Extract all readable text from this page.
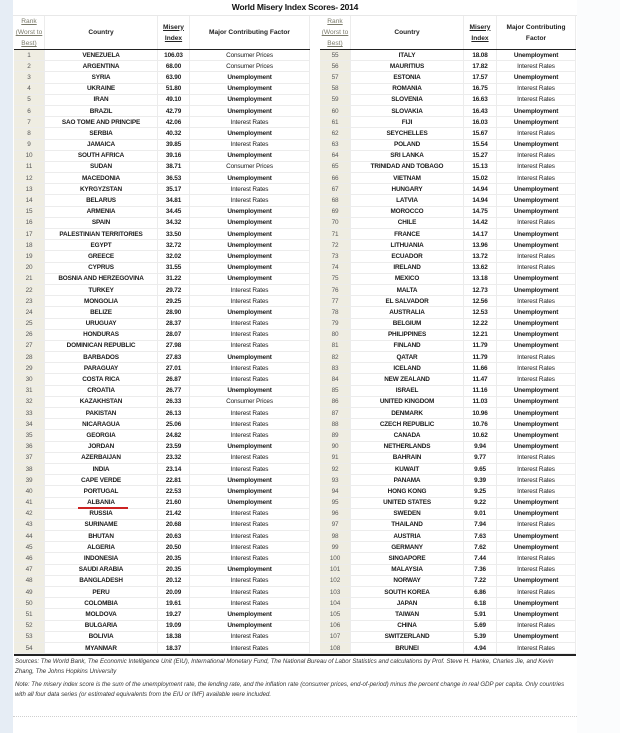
World Misery Index Scores- 2014
Rank (Worst to Best)
Country
Misery Index
Major Contributing Factor
1	VENEZUELA	106.03	Consumer Prices
2	ARGENTINA	68.00	Consumer Prices
3	SYRIA	63.90	Unemployment
4	UKRAINE	51.80	Unemployment
5	IRAN	49.10	Unemployment
6	BRAZIL	42.79	Unemployment
7	SAO TOME AND PRINCIPE	42.06	Interest Rates
8	SERBIA	40.32	Unemployment
9	JAMAICA	39.85	Interest Rates
10	SOUTH AFRICA	39.16	Unemployment
11	SUDAN	38.71	Consumer Prices
12	MACEDONIA	36.53	Unemployment
13	KYRGYZSTAN	35.17	Interest Rates
14	BELARUS	34.81	Interest Rates
15	ARMENIA	34.45	Unemployment
16	SPAIN	34.32	Unemployment
17	PALESTINIAN TERRITORIES	33.50	Unemployment
18	EGYPT	32.72	Unemployment
19	GREECE	32.02	Unemployment
20	CYPRUS	31.55	Unemployment
21	BOSNIA AND HERZEGOVINA	31.22	Unemployment
22	TURKEY	29.72	Interest Rates
23	MONGOLIA	29.25	Interest Rates
24	BELIZE	28.90	Unemployment
25	URUGUAY	28.37	Interest Rates
26	HONDURAS	28.07	Interest Rates
27	DOMINICAN REPUBLIC	27.98	Interest Rates
28	BARBADOS	27.83	Unemployment
29	PARAGUAY	27.01	Interest Rates
30	COSTA RICA	26.87	Interest Rates
31	CROATIA	26.77	Unemployment
32	KAZAKHSTAN	26.33	Consumer Prices
33	PAKISTAN	26.13	Interest Rates
34	NICARAGUA	25.06	Interest Rates
35	GEORGIA	24.82	Interest Rates
36	JORDAN	23.59	Unemployment
37	AZERBAIJAN	23.32	Interest Rates
38	INDIA	23.14	Interest Rates
39	CAPE VERDE	22.81	Unemployment
40	PORTUGAL	22.53	Unemployment
41	ALBANIA	21.60	Unemployment
42	RUSSIA	21.42	Interest Rates
43	SURINAME	20.68	Interest Rates
44	BHUTAN	20.63	Interest Rates
45	ALGERIA	20.50	Interest Rates
46	INDONESIA	20.35	Interest Rates
47	SAUDI ARABIA	20.35	Unemployment
48	BANGLADESH	20.12	Interest Rates
49	PERU	20.09	Interest Rates
50	COLOMBIA	19.61	Interest Rates
51	MOLDOVA	19.27	Unemployment
52	BULGARIA	19.09	Unemployment
53	BOLIVIA	18.38	Interest Rates
54	MYANMAR	18.37	Interest Rates
Rank (Worst to Best)
Country
Misery Index
Major Contributing Factor
55	ITALY	18.08	Unemployment
56	MAURITIUS	17.82	Interest Rates
57	ESTONIA	17.57	Unemployment
58	ROMANIA	16.75	Interest Rates
59	SLOVENIA	16.63	Interest Rates
60	SLOVAKIA	16.43	Unemployment
61	FIJI	16.03	Unemployment
62	SEYCHELLES	15.67	Interest Rates
63	POLAND	15.54	Unemployment
64	SRI LANKA	15.27	Interest Rates
65	TRINIDAD AND TOBAGO	15.13	Interest Rates
66	VIETNAM	15.02	Interest Rates
67	HUNGARY	14.94	Unemployment
68	LATVIA	14.94	Unemployment
69	MOROCCO	14.75	Unemployment
70	CHILE	14.42	Interest Rates
71	FRANCE	14.17	Unemployment
72	LITHUANIA	13.96	Unemployment
73	ECUADOR	13.72	Interest Rates
74	IRELAND	13.62	Interest Rates
75	MEXICO	13.18	Unemployment
76	MALTA	12.73	Unemployment
77	EL SALVADOR	12.56	Interest Rates
78	AUSTRALIA	12.53	Unemployment
79	BELGIUM	12.22	Unemployment
80	PHILIPPINES	12.21	Unemployment
81	FINLAND	11.79	Unemployment
82	QATAR	11.79	Interest Rates
83	ICELAND	11.66	Interest Rates
84	NEW ZEALAND	11.47	Interest Rates
85	ISRAEL	11.16	Unemployment
86	UNITED KINGDOM	11.03	Unemployment
87	DENMARK	10.96	Unemployment
88	CZECH REPUBLIC	10.76	Unemployment
89	CANADA	10.62	Unemployment
90	NETHERLANDS	9.94	Unemployment
91	BAHRAIN	9.77	Interest Rates
92	KUWAIT	9.65	Interest Rates
93	PANAMA	9.39	Interest Rates
94	HONG KONG	9.25	Interest Rates
95	UNITED STATES	9.22	Unemployment
96	SWEDEN	9.01	Unemployment
97	THAILAND	7.94	Interest Rates
98	AUSTRIA	7.63	Unemployment
99	GERMANY	7.62	Unemployment
100	SINGAPORE	7.44	Interest Rates
101	MALAYSIA	7.36	Interest Rates
102	NORWAY	7.22	Unemployment
103	SOUTH KOREA	6.86	Interest Rates
104	JAPAN	6.18	Unemployment
105	TAIWAN	5.91	Unemployment
106	CHINA	5.69	Interest Rates
107	SWITZERLAND	5.39	Unemployment
108	BRUNEI	4.94	Interest Rates

Sources: The World Bank, The Economic Intelligence Unit (EIU), International Monetary Fund, The National Bureau of Labor Statistics and calculations by Prof. Steve H. Hanke, Charles Jie, and Kevin Zhang, The Johns Hopkins University

Note: The misery index score is the sum of the unemployment rate, the lending rate, and the inflation rate (consumer prices, end-of-period) minus the percent change in real GDP per capita. Only countries with all four data series (or estimated equivalents from the EIU or IMF) available were included.
